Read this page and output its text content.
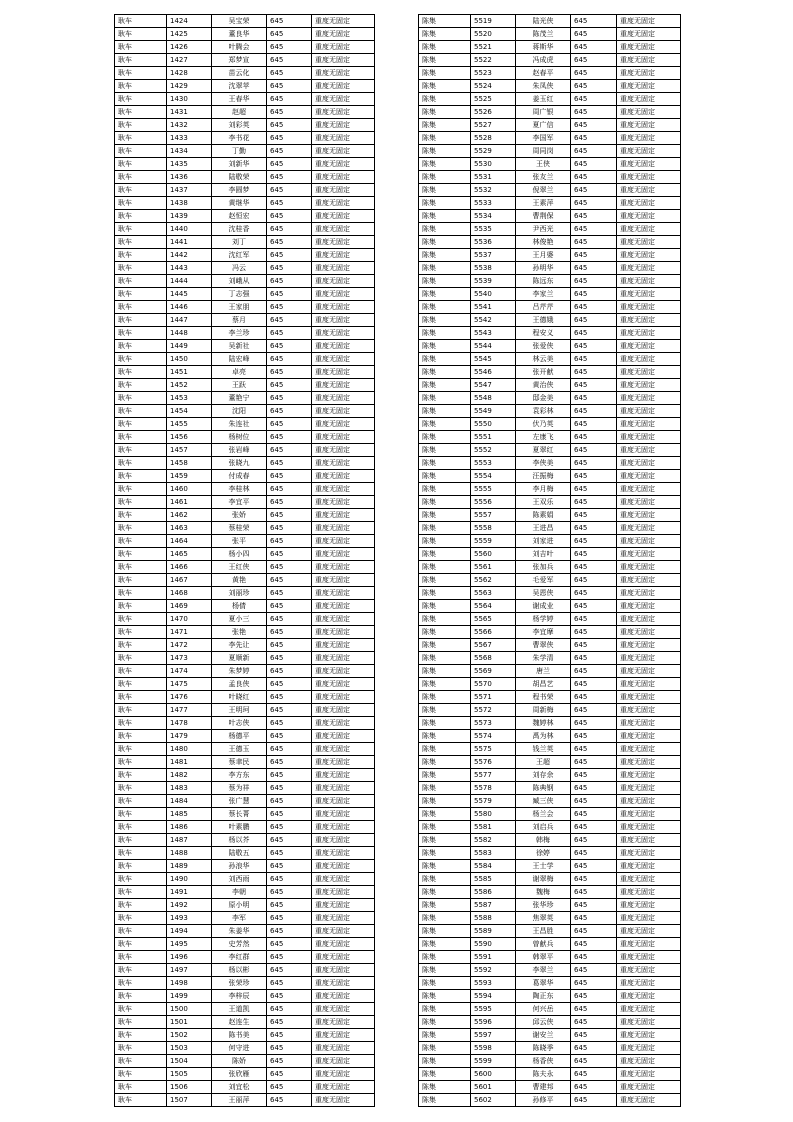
耿车	1424	吴宝荣	645	重度无固定
耿车	1425	董良华	645	重度无固定
耿车	1426	叶腾会	645	重度无固定
耿车	1427	郑梦宣	645	重度无固定
耿车	1428	苗云化	645	重度无固定
耿车	1429	沈翠苹	645	重度无固定
耿车	1430	王春华	645	重度无固定
耿车	1431	赵超	645	重度无固定
耿车	1432	刘彩英	645	重度无固定
耿车	1433	李书花	645	重度无固定
耿车	1434	丁勤	645	重度无固定
耿车	1435	刘新华	645	重度无固定
耿车	1436	陆敬荣	645	重度无固定
耿车	1437	李圆梦	645	重度无固定
耿车	1438	黄继华	645	重度无固定
耿车	1439	赵恒宏	645	重度无固定
耿车	1440	沈桂香	645	重度无固定
耿车	1441	刘丁	645	重度无固定
耿车	1442	沈红军	645	重度无固定
耿车	1443	冯云	645	重度无固定
耿车	1444	刘峨从	645	重度无固定
耿车	1445	丁志强	645	重度无固定
耿车	1446	王家朋	645	重度无固定
耿车	1447	蔡月	645	重度无固定
耿车	1448	李兰珍	645	重度无固定
耿车	1449	吴新社	645	重度无固定
耿车	1450	陆宏峰	645	重度无固定
耿车	1451	卓亮	645	重度无固定
耿车	1452	王跃	645	重度无固定
耿车	1453	董艳宁	645	重度无固定
耿车	1454	沈阳	645	重度无固定
耿车	1455	朱连社	645	重度无固定
耿车	1456	杨树位	645	重度无固定
耿车	1457	张岩峰	645	重度无固定
耿车	1458	张晓九	645	重度无固定
耿车	1459	付成春	645	重度无固定
耿车	1460	李桂林	645	重度无固定
耿车	1461	李宜平	645	重度无固定
耿车	1462	张娇	645	重度无固定
耿车	1463	蔡桂荣	645	重度无固定
耿车	1464	张平	645	重度无固定
耿车	1465	杨小四	645	重度无固定
耿车	1466	王红侠	645	重度无固定
耿车	1467	黄艳	645	重度无固定
耿车	1468	刘丽珍	645	重度无固定
耿车	1469	杨倩	645	重度无固定
耿车	1470	夏小三	645	重度无固定
耿车	1471	张艳	645	重度无固定
耿车	1472	李先让	645	重度无固定
耿车	1473	夏顺新	645	重度无固定
耿车	1474	朱梦婷	645	重度无固定
耿车	1475	孟良侠	645	重度无固定
耿车	1476	叶晓红	645	重度无固定
耿车	1477	王明珂	645	重度无固定
耿车	1478	叶志侠	645	重度无固定
耿车	1479	杨德平	645	重度无固定
耿车	1480	王德玉	645	重度无固定
耿车	1481	蔡聿民	645	重度无固定
耿车	1482	李方东	645	重度无固定
耿车	1483	蔡为祥	645	重度无固定
耿车	1484	张广慧	645	重度无固定
耿车	1485	蔡长菁	645	重度无固定
耿车	1486	叶素鹏	645	重度无固定
耿车	1487	杨以芥	645	重度无固定
耿车	1488	陆敬五	645	重度无固定
耿车	1489	孙浪华	645	重度无固定
耿车	1490	刘西雨	645	重度无固定
耿车	1491	李朝	645	重度无固定
耿车	1492	原小明	645	重度无固定
耿车	1493	李军	645	重度无固定
耿车	1494	朱姜华	645	重度无固定
耿车	1495	史芳然	645	重度无固定
耿车	1496	李红群	645	重度无固定
耿车	1497	杨以彬	645	重度无固定
耿车	1498	张荣珍	645	重度无固定
耿车	1499	李梓辰	645	重度无固定
耿车	1500	王道凯	645	重度无固定
耿车	1501	赵连生	645	重度无固定
耿车	1502	陈书美	645	重度无固定
耿车	1503	何守进	645	重度无固定
耿车	1504	陈娇	645	重度无固定
耿车	1505	张欣雁	645	重度无固定
耿车	1506	刘宜松	645	重度无固定
耿车	1507	王丽萍	645	重度无固定
陈集	5519	陆光侠	645	重度无固定
陈集	5520	陈茂兰	645	重度无固定
陈集	5521	蒋斯华	645	重度无固定
陈集	5522	冯成虎	645	重度无固定
陈集	5523	赵春平	645	重度无固定
陈集	5524	朱凤侠	645	重度无固定
陈集	5525	姜玉红	645	重度无固定
陈集	5526	周广银	645	重度无固定
陈集	5527	夏广信	645	重度无固定
陈集	5528	李国军	645	重度无固定
陈集	5529	周同岗	645	重度无固定
陈集	5530	王侠	645	重度无固定
陈集	5531	张友兰	645	重度无固定
陈集	5532	倪翠兰	645	重度无固定
陈集	5533	王素萍	645	重度无固定
陈集	5534	曹荆保	645	重度无固定
陈集	5535	尹西光	645	重度无固定
陈集	5536	林俊艳	645	重度无固定
陈集	5537	王月婆	645	重度无固定
陈集	5538	孙明华	645	重度无固定
陈集	5539	陈远东	645	重度无固定
陈集	5540	李家兰	645	重度无固定
陈集	5541	吕芹芹	645	重度无固定
陈集	5542	王德娥	645	重度无固定
陈集	5543	程安义	645	重度无固定
陈集	5544	张爱侠	645	重度无固定
陈集	5545	林云美	645	重度无固定
陈集	5546	张开献	645	重度无固定
陈集	5547	黄治侠	645	重度无固定
陈集	5548	邸金美	645	重度无固定
陈集	5549	袁彩林	645	重度无固定
陈集	5550	伏乃英	645	重度无固定
陈集	5551	左康飞	645	重度无固定
陈集	5552	夏翠红	645	重度无固定
陈集	5553	李侠美	645	重度无固定
陈集	5554	汪振梅	645	重度无固定
陈集	5555	李月梅	645	重度无固定
陈集	5556	王双乐	645	重度无固定
陈集	5557	陈素娟	645	重度无固定
陈集	5558	王进昌	645	重度无固定
陈集	5559	刘家进	645	重度无固定
陈集	5560	刘吉叶	645	重度无固定
陈集	5561	张加兵	645	重度无固定
陈集	5562	毛爱军	645	重度无固定
陈集	5563	吴恩侠	645	重度无固定
陈集	5564	谢成业	645	重度无固定
陈集	5565	杨学婷	645	重度无固定
陈集	5566	李宜摩	645	重度无固定
陈集	5567	曹翠侠	645	重度无固定
陈集	5568	朱学清	645	重度无固定
陈集	5569	唐兰	645	重度无固定
陈集	5570	胡昌艺	645	重度无固定
陈集	5571	程书荣	645	重度无固定
陈集	5572	周新梅	645	重度无固定
陈集	5573	魏婷林	645	重度无固定
陈集	5574	禹为林	645	重度无固定
陈集	5575	钱兰英	645	重度无固定
陈集	5576	王超	645	重度无固定
陈集	5577	刘存余	645	重度无固定
陈集	5578	陈典钢	645	重度无固定
陈集	5579	臧三侠	645	重度无固定
陈集	5580	杨兰会	645	重度无固定
陈集	5581	刘启兵	645	重度无固定
陈集	5582	韩梅	645	重度无固定
陈集	5583	徐婷	645	重度无固定
陈集	5584	王士学	645	重度无固定
陈集	5585	谢翠梅	645	重度无固定
陈集	5586	魏梅	645	重度无固定
陈集	5587	张华珍	645	重度无固定
陈集	5588	焦翠英	645	重度无固定
陈集	5589	王昌胜	645	重度无固定
陈集	5590	曾献兵	645	重度无固定
陈集	5591	韩翠平	645	重度无固定
陈集	5592	李翠兰	645	重度无固定
陈集	5593	葛翠华	645	重度无固定
陈集	5594	陶正东	645	重度无固定
陈集	5595	何兴岳	645	重度无固定
陈集	5596	邱云侠	645	重度无固定
陈集	5597	谢安兰	645	重度无固定
陈集	5598	陈晓季	645	重度无固定
陈集	5599	杨香侠	645	重度无固定
陈集	5600	陈夫永	645	重度无固定
陈集	5601	曹建邦	645	重度无固定
陈集	5602	孙修平	645	重度无固定
